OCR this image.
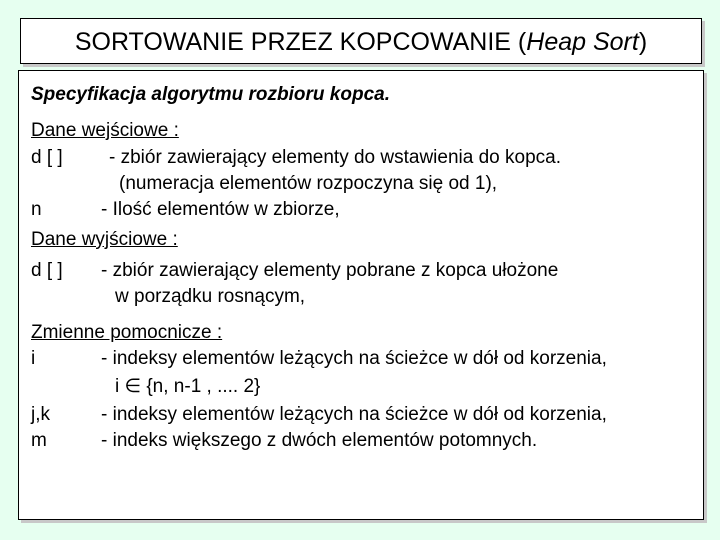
SORTOWANIE PRZEZ KOPCOWANIE (Heap Sort)
Specyfikacja algorytmu rozbioru kopca.
Dane wejściowe :
d [ ] - zbiór zawierający elementy do wstawienia do kopca.
(numeracja elementów rozpoczyna się od 1),
n	- Ilość elementów w zbiorze,
Dane wyjściowe :
d [ ] - zbiór zawierający elementy pobrane z kopca ułożone
w porządku rosnącym,
Zmienne pomocnicze :
i	- indeksy elementów leżących na ścieżce w dół od korzenia,
i ∈ {n, n-1 , .... 2}
j,k	- indeksy elementów leżących na ścieżce w dół od korzenia,
m	- indeks większego z dwóch elementów potomnych.
